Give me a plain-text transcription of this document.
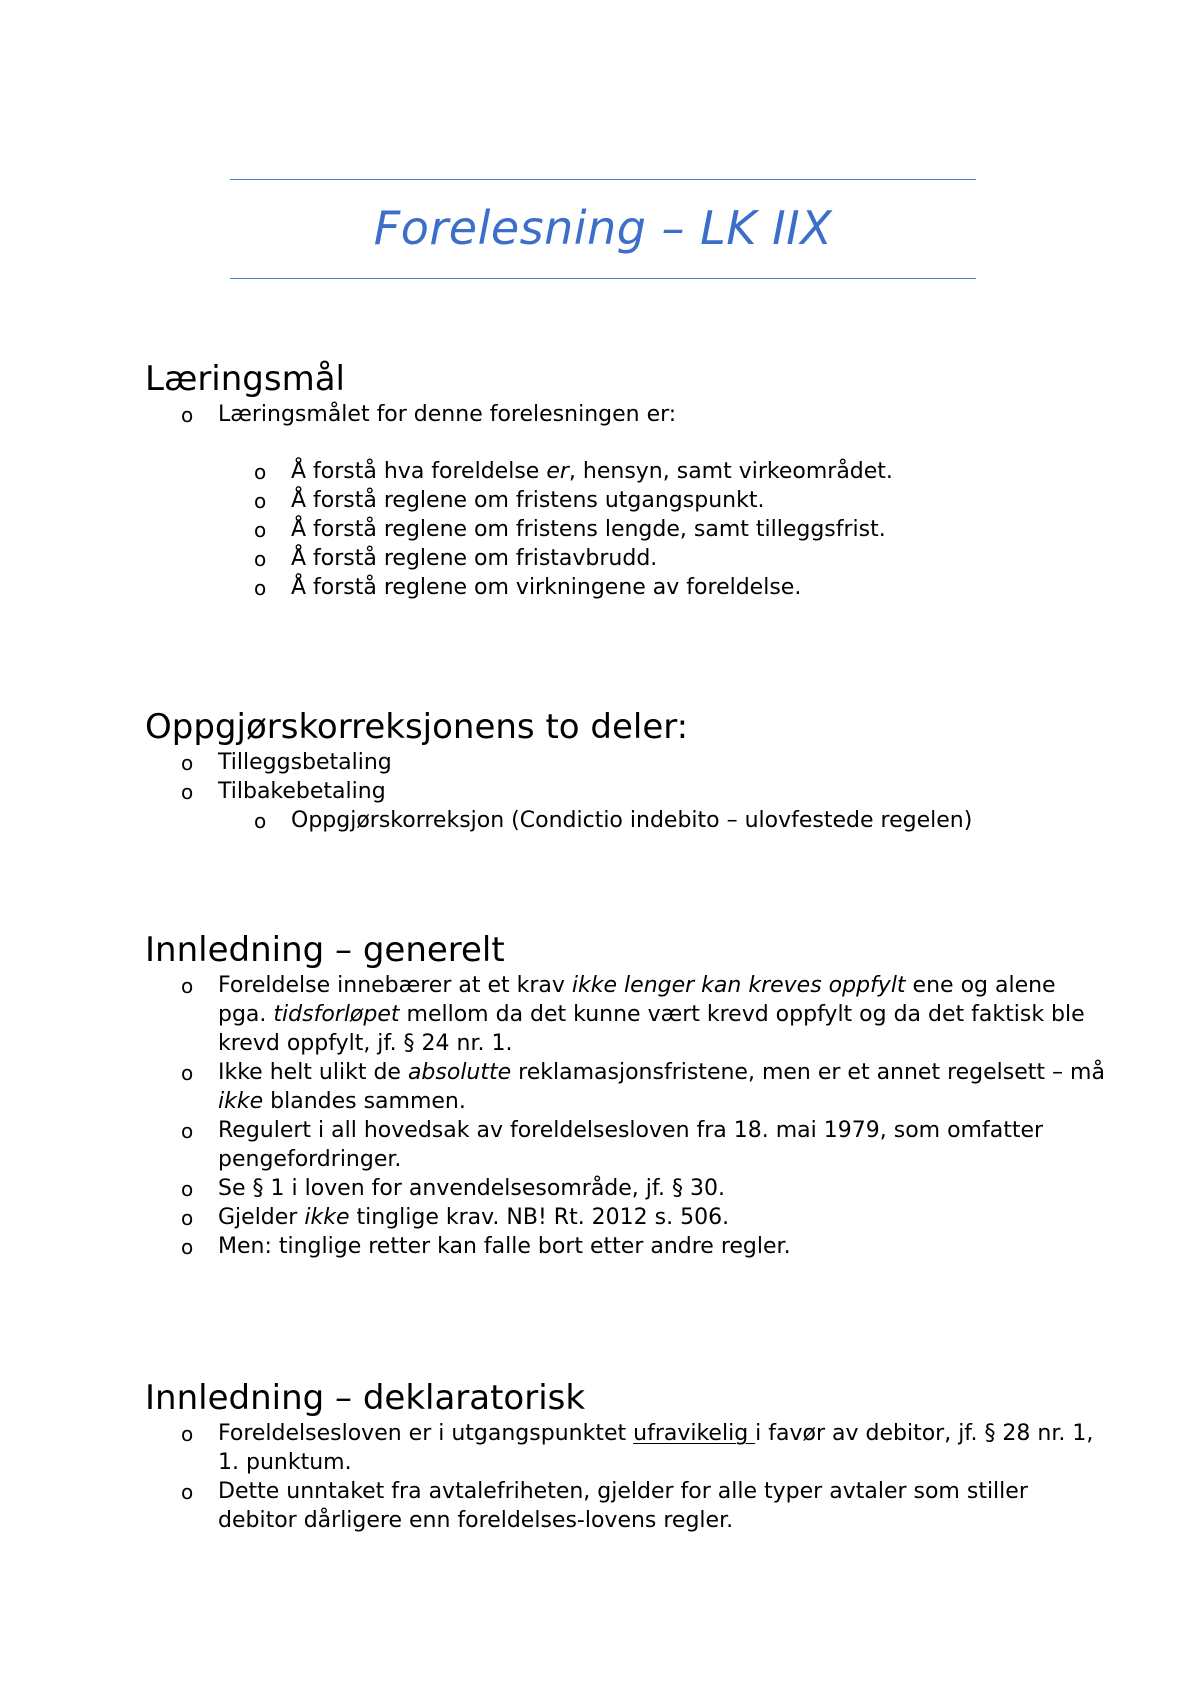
Forelesning – LK IIX
Læringsmål
o Læringsmålet for denne forelesningen er:
o Å forstå hva foreldelse er, hensyn, samt virkeområdet.
o Å forstå reglene om fristens utgangspunkt.
o Å forstå reglene om fristens lengde, samt tilleggsfrist.
o Å forstå reglene om fristavbrudd.
o Å forstå reglene om virkningene av foreldelse.
Oppgjørskorreksjonens to deler:
o Tilleggsbetaling
o Tilbakebetaling
o Oppgjørskorreksjon (Condictio indebito – ulovfestede regelen)
Innledning – generelt
o Foreldelse innebærer at et krav ikke lenger kan kreves oppfylt ene og alene pga. tidsforløpet mellom da det kunne vært krevd oppfylt og da det faktisk ble krevd oppfylt, jf. § 24 nr. 1.
o Ikke helt ulikt de absolutte reklamasjonsfristene, men er et annet regelsett – må ikke blandes sammen.
o Regulert i all hovedsak av foreldelsesloven fra 18. mai 1979, som omfatter pengefordringer.
o Se § 1 i loven for anvendelsesområde, jf. § 30.
o Gjelder ikke tinglige krav. NB! Rt. 2012 s. 506.
o Men: tinglige retter kan falle bort etter andre regler.
Innledning – deklaratorisk
o Foreldelsesloven er i utgangspunktet ufravikelig i favør av debitor, jf. § 28 nr. 1, 1. punktum.
o Dette unntaket fra avtalefriheten, gjelder for alle typer avtaler som stiller debitor dårligere enn foreldelses-lovens regler.
